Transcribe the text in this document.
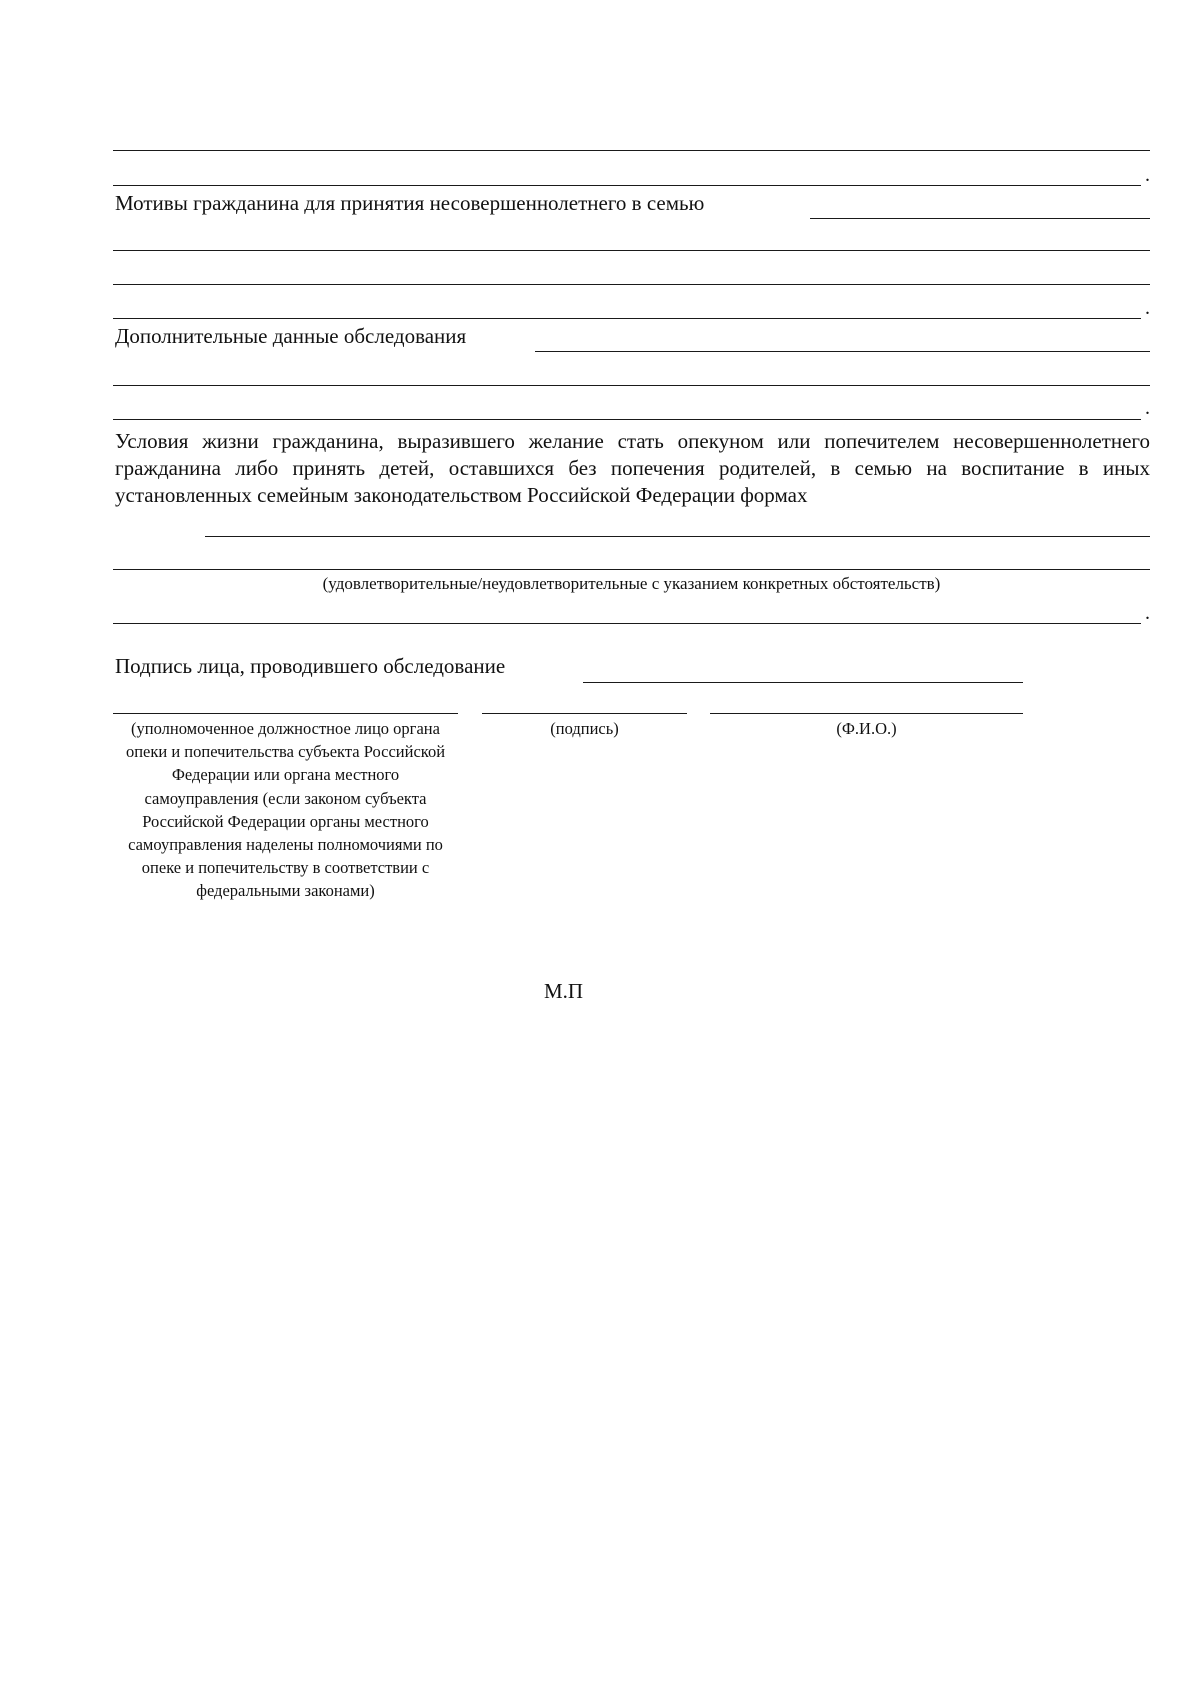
.
Мотивы гражданина для принятия несовершеннолетнего в семью
.
Дополнительные данные обследования
.
Условия жизни гражданина, выразившего желание стать опекуном или попечителем несовершеннолетнего гражданина либо принять детей, оставшихся без попечения родителей, в семью на воспитание в иных установленных семейным законодательством Российской Федерации формах
(удовлетворительные/неудовлетворительные с указанием конкретных обстоятельств)
.
Подпись лица, проводившего обследование
(уполномоченное должностное лицо органа опеки и попечительства субъекта Российской Федерации или органа местного самоуправления (если законом субъекта Российской Федерации органы местного самоуправления наделены полномочиями по опеке и попечительству в соответствии с федеральными законами)
(подпись)	(Ф.И.О.)
М.П
